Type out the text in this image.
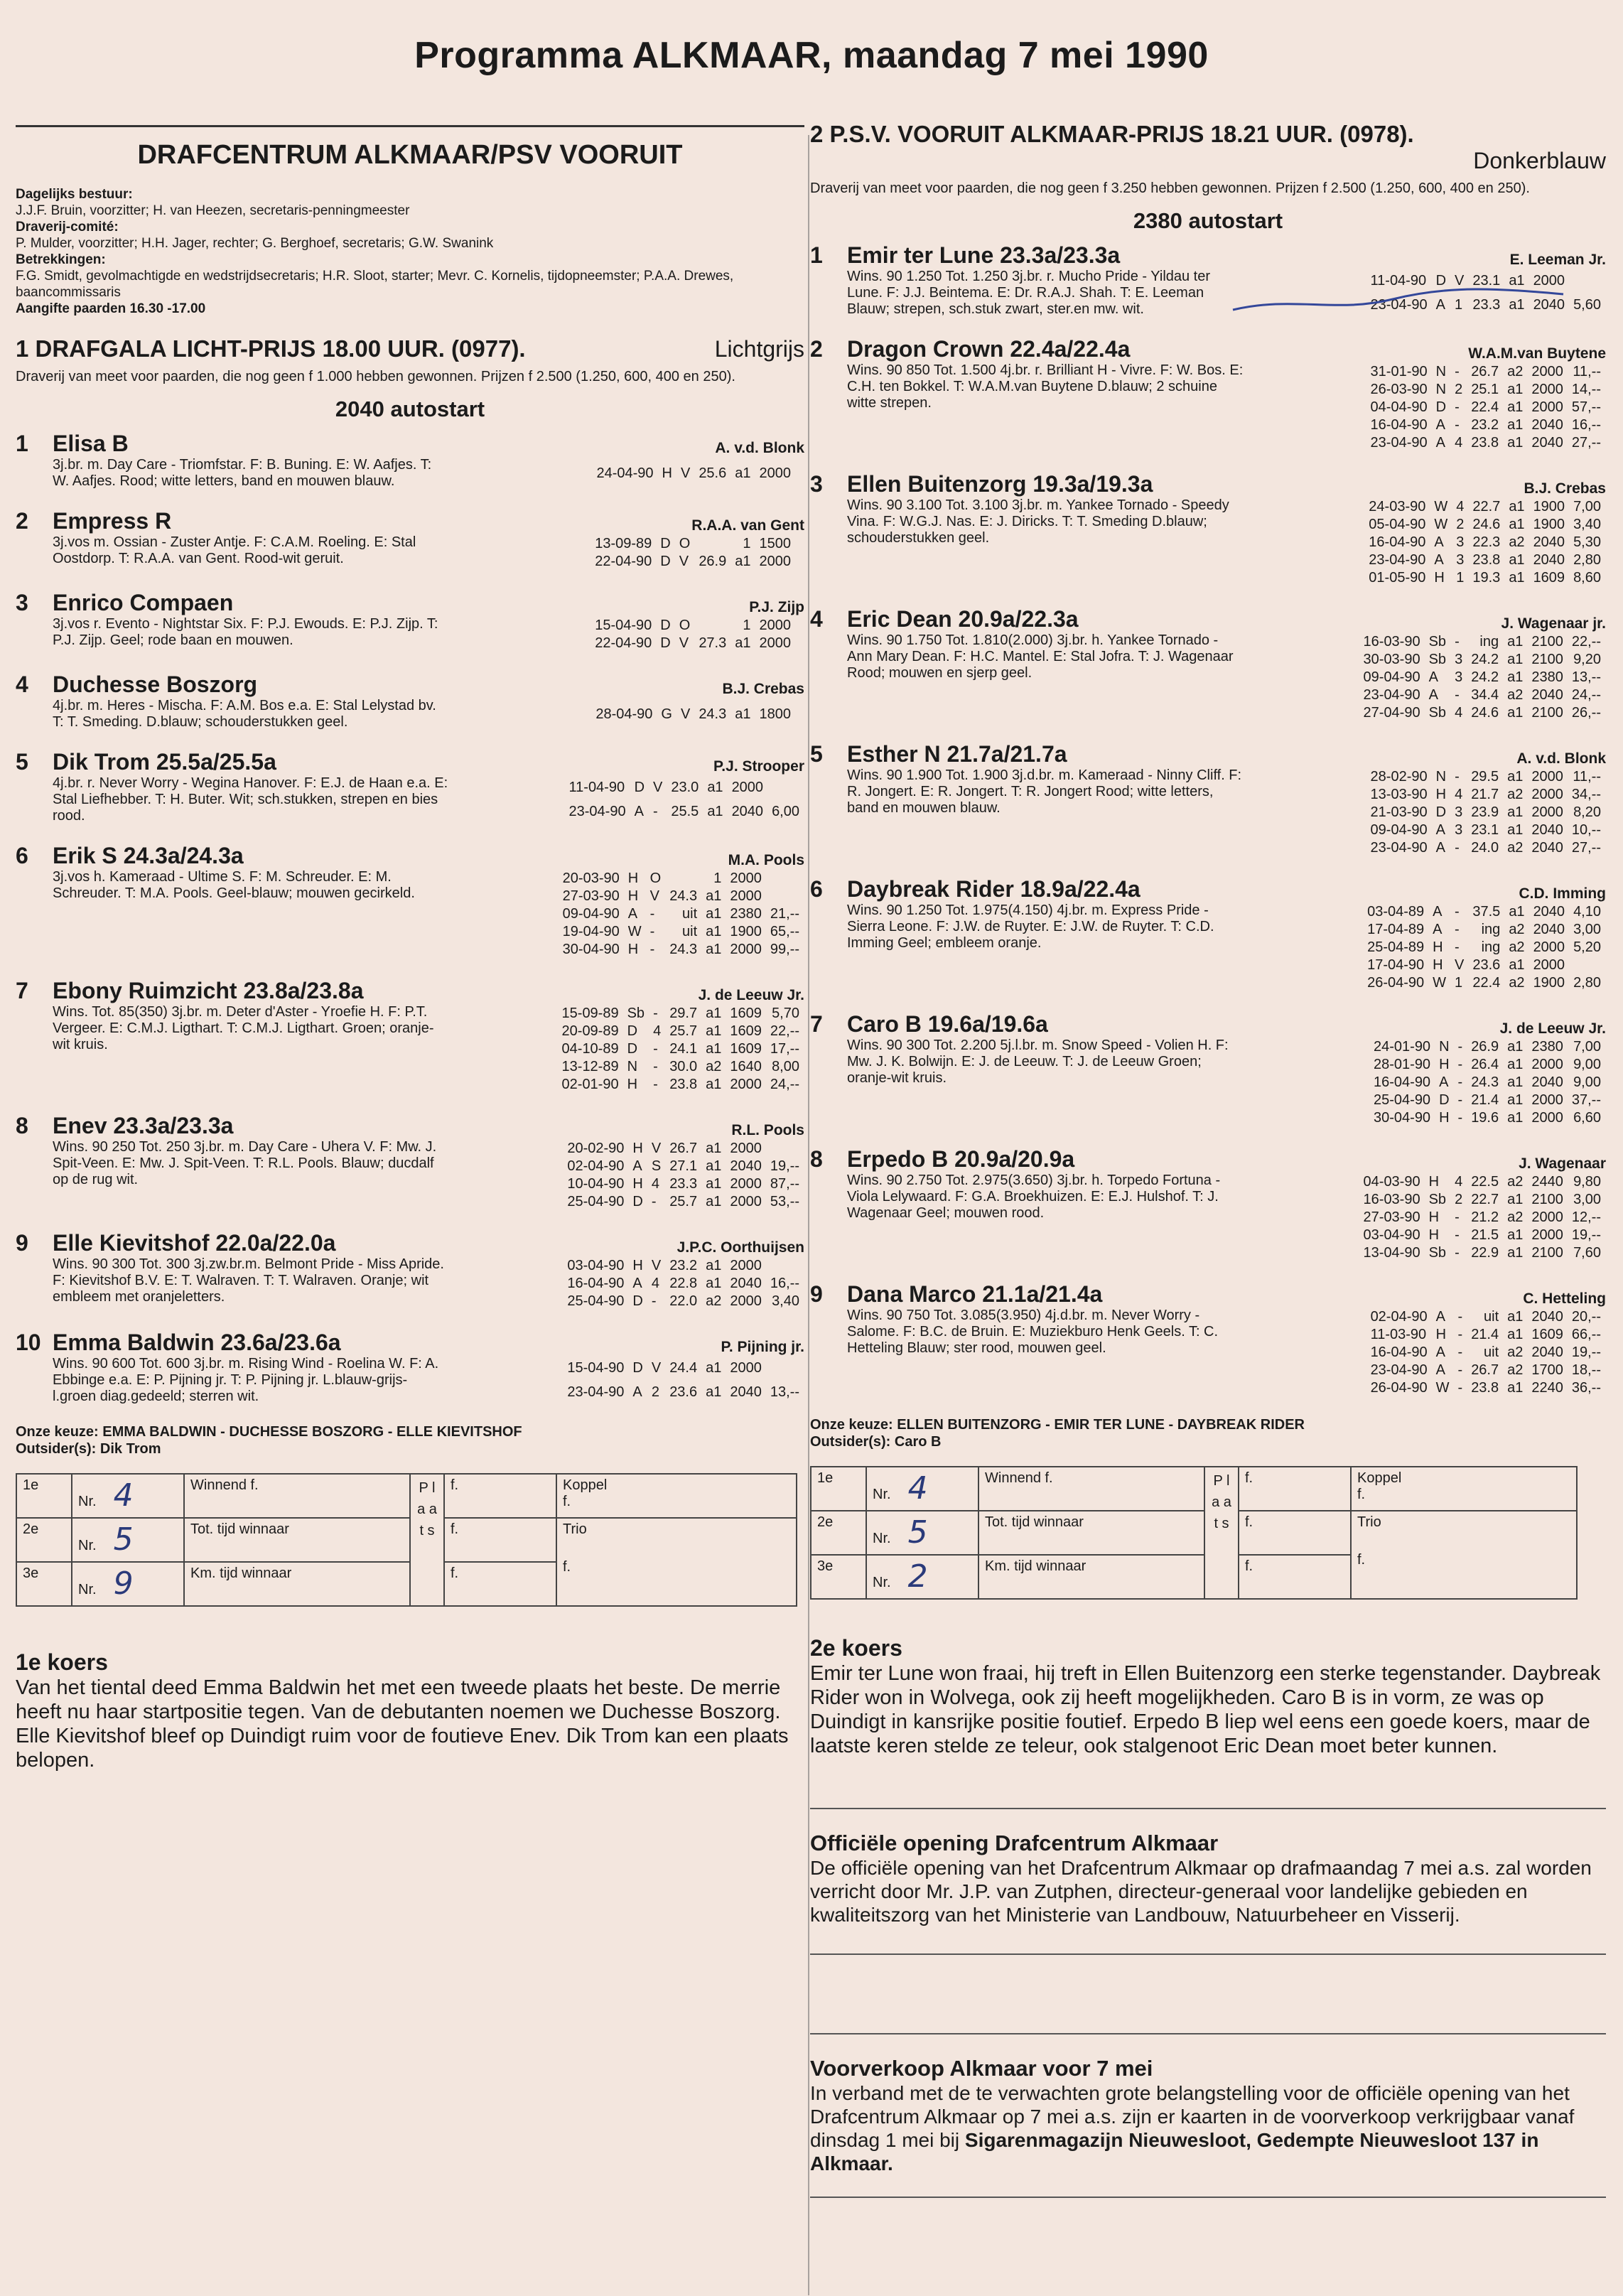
Programma ALKMAAR, maandag 7 mei 1990
DRAFCENTRUM ALKMAAR/PSV VOORUIT
Dagelijks bestuur:
J.J.F. Bruin, voorzitter; H. van Heezen, secretaris-penningmeester
Draverij-comité:
P. Mulder, voorzitter; H.H. Jager, rechter; G. Berghoef, secretaris; G.W. Swanink
Betrekkingen:
F.G. Smidt, gevolmachtigde en wedstrijdsecretaris; H.R. Sloot, starter; Mevr. C. Kornelis, tijdopneemster; P.A.A. Drewes, baancommissaris
Aangifte paarden 16.30 -17.00
1 DRAFGALA LICHT-PRIJS 18.00 UUR. (0977).	Lichtgrijs
Draverij van meet voor paarden, die nog geen f 1.000 hebben gewonnen. Prijzen f 2.500 (1.250, 600, 400 en 250).
2040 autostart
1 Elisa B	A. v.d. Blonk
3j.br. m. Day Care - Triomfstar. F: B. Buning. E: W. Aafjes. T: W. Aafjes. Rood; witte letters, band en mouwen blauw.
24-04-90	H	V	25.6	a1	2000	
2 Empress R	R.A.A. van Gent
3j.vos m. Ossian - Zuster Antje. F: C.A.M. Roeling. E: Stal Oostdorp. T: R.A.A. van Gent. Rood-wit geruit.
13-09-89	D	O		1	1500	
22-04-90	D	V	26.9	a1	2000	
3 Enrico Compaen	P.J. Zijp
3j.vos r. Evento - Nightstar Six. F: P.J. Ewouds. E: P.J. Zijp. T: P.J. Zijp. Geel; rode baan en mouwen.
15-04-90	D	O		1	2000	
22-04-90	D	V	27.3	a1	2000	
4 Duchesse Boszorg	B.J. Crebas
4j.br. m. Heres - Mischa. F: A.M. Bos e.a. E: Stal Lelystad bv. T: T. Smeding. D.blauw; schouderstukken geel.
28-04-90	G	V	24.3	a1	1800	
5 Dik Trom 25.5a/25.5a	P.J. Strooper
4j.br. r. Never Worry - Wegina Hanover. F: E.J. de Haan e.a. E: Stal Liefhebber. T: H. Buter. Wit; sch.stukken, strepen en bies rood.
11-04-90	D	V	23.0	a1	2000	
23-04-90	A	-	25.5	a1	2040	6,00
6 Erik S 24.3a/24.3a	M.A. Pools
3j.vos h. Kameraad - Ultime S. F: M. Schreuder. E: M. Schreuder. T: M.A. Pools. Geel-blauw; mouwen gecirkeld.
20-03-90	H	O		1	2000	
27-03-90	H	V	24.3	a1	2000	
09-04-90	A	-	uit	a1	2380	21,--
19-04-90	W	-	uit	a1	1900	65,--
30-04-90	H	-	24.3	a1	2000	99,--
7 Ebony Ruimzicht 23.8a/23.8a	J. de Leeuw Jr.
Wins. Tot. 85(350) 3j.br. m. Deter d'Aster - Yroefie H. F: P.T. Vergeer. E: C.M.J. Ligthart. T: C.M.J. Ligthart. Groen; oranje-wit kruis.
15-09-89	Sb	-	29.7	a1	1609	5,70
20-09-89	D	4	25.7	a1	1609	22,--
04-10-89	D	-	24.1	a1	1609	17,--
13-12-89	N	-	30.0	a2	1640	8,00
02-01-90	H	-	23.8	a1	2000	24,--
8 Enev 23.3a/23.3a	R.L. Pools
Wins. 90 250 Tot. 250 3j.br. m. Day Care - Uhera V. F: Mw. J. Spit-Veen. E: Mw. J. Spit-Veen. T: R.L. Pools. Blauw; ducdalf op de rug wit.
20-02-90	H	V	26.7	a1	2000	
02-04-90	A	S	27.1	a1	2040	19,--
10-04-90	H	4	23.3	a1	2000	87,--
25-04-90	D	-	25.7	a1	2000	53,--
9 Elle Kievitshof 22.0a/22.0a	J.P.C. Oorthuijsen
Wins. 90 300 Tot. 300 3j.zw.br.m. Belmont Pride - Miss Apride. F: Kievitshof B.V. E: T. Walraven. T: T. Walraven. Oranje; wit embleem met oranjeletters.
03-04-90	H	V	23.2	a1	2000	
16-04-90	A	4	22.8	a1	2040	16,--
25-04-90	D	-	22.0	a2	2000	3,40
10 Emma Baldwin 23.6a/23.6a	P. Pijning jr.
Wins. 90 600 Tot. 600 3j.br. m. Rising Wind - Roelina W. F: A. Ebbinge e.a. E: P. Pijning jr. T: P. Pijning jr. L.blauw-grijs-l.groen diag.gedeeld; sterren wit.
15-04-90	D	V	24.4	a1	2000	
23-04-90	A	2	23.6	a1	2040	13,--
Onze keuze: EMMA BALDWIN - DUCHESSE BOSZORG - ELLE KIEVITSHOF
Outsider(s): Dik Trom
1e	Nr. 4	Winnend f.	P l a a t s	f.	Koppel
f.

2e	Nr. 5	Tot. tijd winnaar		f.	Trio
f.

3e	Nr. 9	Km. tijd winnaar		f.	
1e koers
Van het tiental deed Emma Baldwin het met een tweede plaats het beste. De merrie heeft nu haar startpositie tegen. Van de debutanten noemen we Duchesse Boszorg. Elle Kievitshof bleef op Duindigt ruim voor de foutieve Enev. Dik Trom kan een plaats belopen.
2 P.S.V. VOORUIT ALKMAAR-PRIJS 18.21 UUR. (0978).
Donkerblauw
Draverij van meet voor paarden, die nog geen f 3.250 hebben gewonnen. Prijzen f 2.500 (1.250, 600, 400 en 250).
2380 autostart
1 Emir ter Lune 23.3a/23.3a	E. Leeman Jr.
Wins. 90 1.250 Tot. 1.250 3j.br. r. Mucho Pride - Yildau ter Lune. F: J.J. Beintema. E: Dr. R.A.J. Shah. T: E. Leeman Blauw; strepen, sch.stuk zwart, ster.en mw. wit.
11-04-90	D	V	23.1	a1	2000	
23-04-90	A	1	23.3	a1	2040	5,60
2 Dragon Crown 22.4a/22.4a	W.A.M.van Buytene
Wins. 90 850 Tot. 1.500 4j.br. r. Brilliant H - Vivre. F: W. Bos. E: C.H. ten Bokkel. T: W.A.M.van Buytene D.blauw; 2 schuine witte strepen.
31-01-90	N	-	26.7	a2	2000	11,--
26-03-90	N	2	25.1	a1	2000	14,--
04-04-90	D	-	22.4	a1	2000	57,--
16-04-90	A	-	23.2	a1	2040	16,--
23-04-90	A	4	23.8	a1	2040	27,--
3 Ellen Buitenzorg 19.3a/19.3a	B.J. Crebas
Wins. 90 3.100 Tot. 3.100 3j.br. m. Yankee Tornado - Speedy Vina. F: W.G.J. Nas. E: J. Diricks. T: T. Smeding D.blauw; schouderstukken geel.
24-03-90	W	4	22.7	a1	1900	7,00
05-04-90	W	2	24.6	a1	1900	3,40
16-04-90	A	3	22.3	a2	2040	5,30
23-04-90	A	3	23.8	a1	2040	2,80
01-05-90	H	1	19.3	a1	1609	8,60
4 Eric Dean 20.9a/22.3a	J. Wagenaar jr.
Wins. 90 1.750 Tot. 1.810(2.000) 3j.br. h. Yankee Tornado - Ann Mary Dean. F: H.C. Mantel. E: Stal Jofra. T: J. Wagenaar Rood; mouwen en sjerp geel.
16-03-90	Sb	-	ing	a1	2100	22,--
30-03-90	Sb	3	24.2	a1	2100	9,20
09-04-90	A	3	24.2	a1	2380	13,--
23-04-90	A	-	34.4	a2	2040	24,--
27-04-90	Sb	4	24.6	a1	2100	26,--
5 Esther N 21.7a/21.7a	A. v.d. Blonk
Wins. 90 1.900 Tot. 1.900 3j.d.br. m. Kameraad - Ninny Cliff. F: R. Jongert. E: R. Jongert. T: R. Jongert Rood; witte letters, band en mouwen blauw.
28-02-90	N	-	29.5	a1	2000	11,--
13-03-90	H	4	21.7	a2	2000	34,--
21-03-90	D	3	23.9	a1	2000	8,20
09-04-90	A	3	23.1	a1	2040	10,--
23-04-90	A	-	24.0	a2	2040	27,--
6 Daybreak Rider 18.9a/22.4a	C.D. Imming
Wins. 90 1.250 Tot. 1.975(4.150) 4j.br. m. Express Pride - Sierra Leone. F: J.W. de Ruyter. E: J.W. de Ruyter. T: C.D. Imming Geel; embleem oranje.
03-04-89	A	-	37.5	a1	2040	4,10
17-04-89	A	-	ing	a2	2040	3,00
25-04-89	H	-	ing	a2	2000	5,20
17-04-90	H	V	23.6	a1	2000	
26-04-90	W	1	22.4	a2	1900	2,80
7 Caro B 19.6a/19.6a	J. de Leeuw Jr.
Wins. 90 300 Tot. 2.200 5j.l.br. m. Snow Speed - Volien H. F: Mw. J. K. Bolwijn. E: J. de Leeuw. T: J. de Leeuw Groen; oranje-wit kruis.
24-01-90	N	-	26.9	a1	2380	7,00
28-01-90	H	-	26.4	a1	2000	9,00
16-04-90	A	-	24.3	a1	2040	9,00
25-04-90	D	-	21.4	a1	2000	37,--
30-04-90	H	-	19.6	a1	2000	6,60
8 Erpedo B 20.9a/20.9a	J. Wagenaar
Wins. 90 2.750 Tot. 2.975(3.650) 3j.br. h. Torpedo Fortuna - Viola Lelywaard. F: G.A. Broekhuizen. E: E.J. Hulshof. T: J. Wagenaar Geel; mouwen rood.
04-03-90	H	4	22.5	a2	2440	9,80
16-03-90	Sb	2	22.7	a1	2100	3,00
27-03-90	H	-	21.2	a2	2000	12,--
03-04-90	H	-	21.5	a1	2000	19,--
13-04-90	Sb	-	22.9	a1	2100	7,60
9 Dana Marco 21.1a/21.4a	C. Hetteling
Wins. 90 750 Tot. 3.085(3.950) 4j.d.br. m. Never Worry - Salome. F: B.C. de Bruin. E: Muziekburo Henk Geels. T: C. Hetteling Blauw; ster rood, mouwen geel.
02-04-90	A	-	uit	a1	2040	20,--
11-03-90	H	-	21.4	a1	1609	66,--
16-04-90	A	-	uit	a2	2040	19,--
23-04-90	A	-	26.7	a2	1700	18,--
26-04-90	W	-	23.8	a1	2240	36,--
Onze keuze: ELLEN BUITENZORG - EMIR TER LUNE - DAYBREAK RIDER
Outsider(s): Caro B
1e	Nr. 4	Winnend f.	P l a a t s	f.	Koppel
f.

2e	Nr. 5	Tot. tijd winnaar		f.	Trio
f.

3e	Nr. 2	Km. tijd winnaar		f.	
2e koers
Emir ter Lune won fraai, hij treft in Ellen Buitenzorg een sterke tegenstander. Daybreak Rider won in Wolvega, ook zij heeft mogelijkheden. Caro B is in vorm, ze was op Duindigt in kansrijke positie foutief. Erpedo B liep wel eens een goede koers, maar de laatste keren stelde ze teleur, ook stalgenoot Eric Dean moet beter kunnen.
Officiële opening Drafcentrum Alkmaar
De officiële opening van het Drafcentrum Alkmaar op drafmaandag 7 mei a.s. zal worden verricht door Mr. J.P. van Zutphen, directeur-generaal voor landelijke gebieden en kwaliteitszorg van het Ministerie van Landbouw, Natuurbeheer en Visserij.
Voorverkoop Alkmaar voor 7 mei
In verband met de te verwachten grote belangstelling voor de officiële opening van het Drafcentrum Alkmaar op 7 mei a.s. zijn er kaarten in de voorverkoop verkrijgbaar vanaf dinsdag 1 mei bij Sigarenmagazijn Nieuwesloot, Gedempte Nieuwesloot 137 in Alkmaar.
